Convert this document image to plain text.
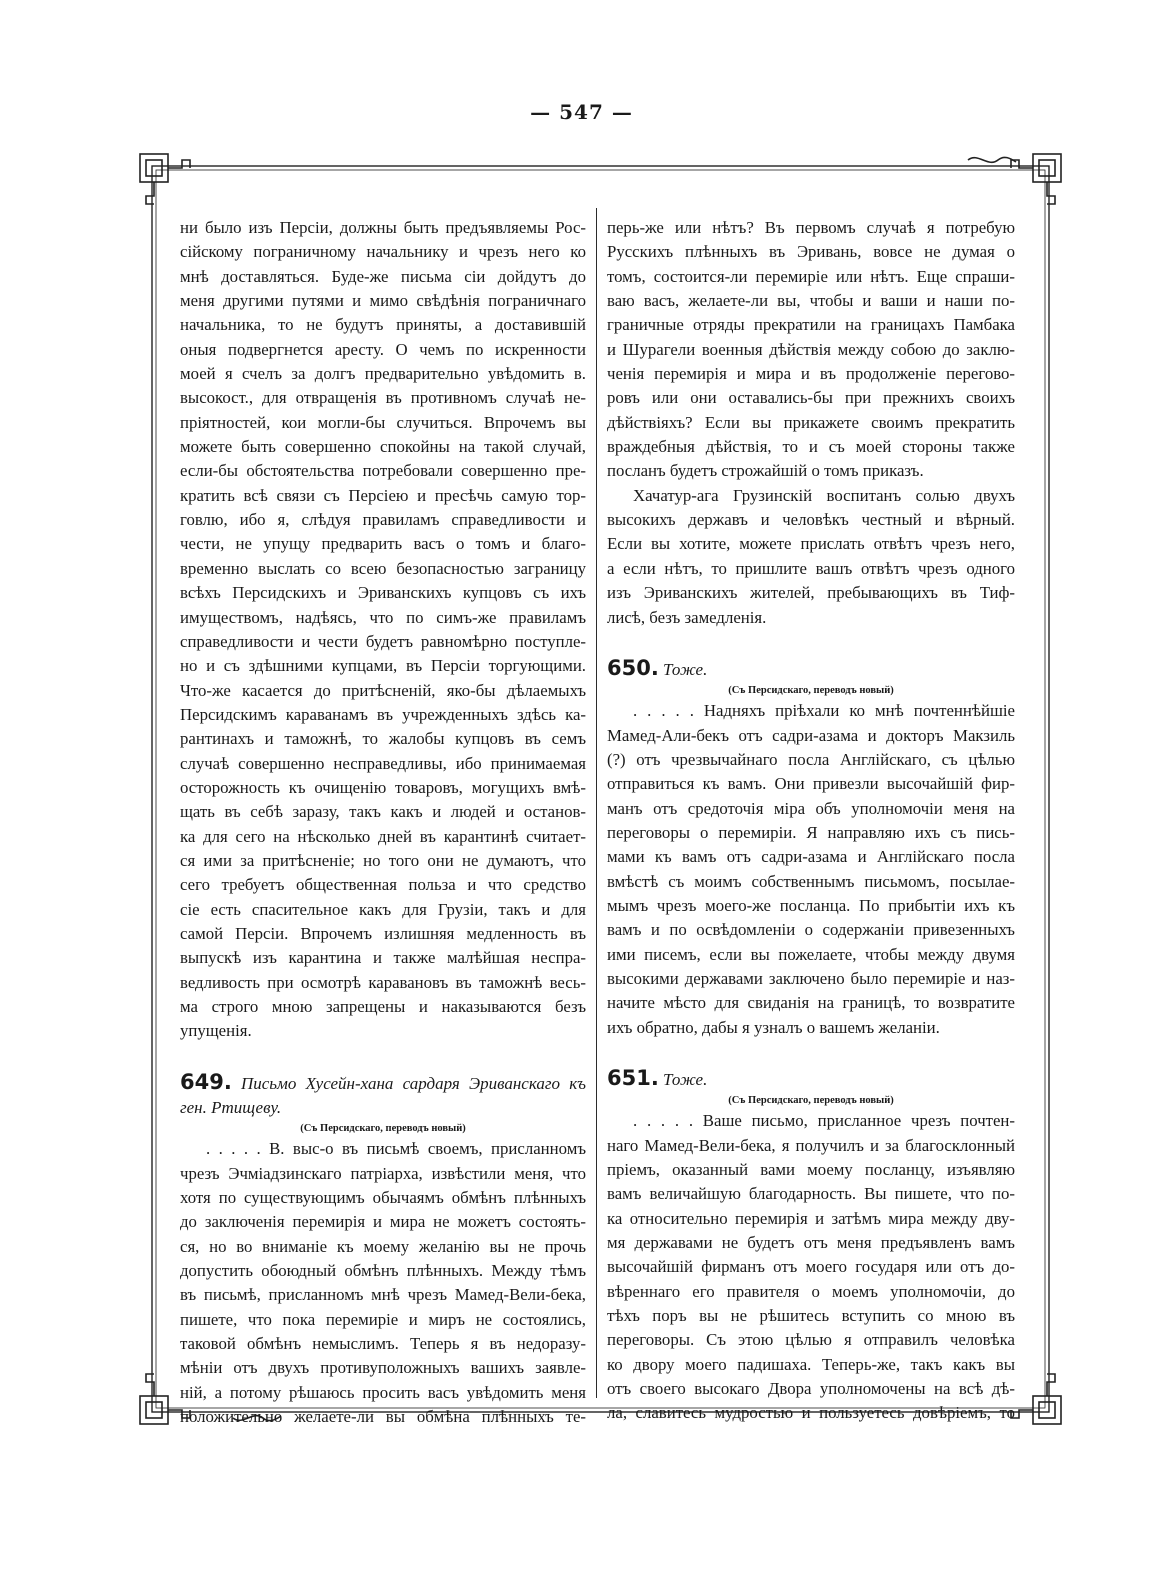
— 547 —

ни было изъ Персіи, должны быть предъявляемы Рос-
сійскому пограничному начальнику и чрезъ него ко
мнѣ доставляться. Буде-же письма сіи дойдутъ до
меня другими путями и мимо свѣдѣнія пограничнаго
начальника, то не будутъ приняты, а доставившій
оныя подвергнется аресту. О чемъ по искренности
моей я счелъ за долгъ предварительно увѣдомить в.
высокост., для отвращенія въ противномъ случаѣ не-
пріятностей, кои могли-бы случиться. Впрочемъ вы
можете быть совершенно спокойны на такой случай,
если-бы обстоятельства потребовали совершенно пре-
кратить всѣ связи съ Персіею и пресѣчь самую тор-
говлю, ибо я, слѣдуя правиламъ справедливости и
чести, не упущу предварить васъ о томъ и благо-
временно выслать со всею безопасностью заграницу
всѣхъ Персидскихъ и Эриванскихъ купцовъ съ ихъ
имуществомъ, надѣясь, что по симъ-же правиламъ
справедливости и чести будетъ равномѣрно поступле-
но и съ здѣшними купцами, въ Персіи торгующими.
Что-же касается до притѣсненій, яко-бы дѣлаемыхъ
Персидскимъ караванамъ въ учрежденныхъ здѣсь ка-
рантинахъ и таможнѣ, то жалобы купцовъ въ семъ
случаѣ совершенно несправедливы, ибо принимаемая
осторожность къ очищенію товаровъ, могущихъ вмѣ-
щать въ себѣ заразу, такъ какъ и людей и останов-
ка для сего на нѣсколько дней въ карантинѣ считает-
ся ими за притѣсненіе; но того они не думаютъ, что
сего требуетъ общественная польза и что средство
сіе есть спасительное какъ для Грузіи, такъ и для
самой Персіи. Впрочемъ излишняя медленность въ
выпускѣ изъ карантина и также малѣйшая неспра-
ведливость при осмотрѣ каравановъ въ таможнѣ весь-
ма строго мною запрещены и наказываются безъ
упущенія.

649. Письмо Хусейн-хана сардаря Эриванскаго къ ген. Ртищеву.

(Съ Персидскаго, переводъ новый)

. . . . . В. выс-о въ письмѣ своемъ, присланномъ
чрезъ Эчміадзинскаго патріарха, извѣстили меня, что
хотя по существующимъ обычаямъ обмѣнъ плѣнныхъ
до заключенія перемирія и мира не можетъ состоять-
ся, но во вниманіе къ моему желанію вы не прочь
допустить обоюдный обмѣнъ плѣнныхъ. Между тѣмъ
въ письмѣ, присланномъ мнѣ чрезъ Мамед-Вели-бека,
пишете, что пока перемиріе и миръ не состоялись,
таковой обмѣнъ немыслимъ. Теперь я въ недоразу-
мѣніи отъ двухъ противуположныхъ вашихъ заявле-
ній, а потому рѣшаюсь просить васъ увѣдомить меня
положительно желаете-ли вы обмѣна плѣнныхъ те-

перь-же или нѣтъ? Въ первомъ случаѣ я потребую
Русскихъ плѣнныхъ въ Эривань, вовсе не думая о
томъ, состоится-ли перемиріе или нѣтъ. Еще спраши-
ваю васъ, желаете-ли вы, чтобы и ваши и наши по-
граничные отряды прекратили на границахъ Памбака
и Шурагели военныя дѣйствія между собою до заклю-
ченія перемирія и мира и въ продолженіе перегово-
ровъ или они оставались-бы при прежнихъ своихъ
дѣйствіяхъ? Если вы прикажете своимъ прекратить
враждебныя дѣйствія, то и съ моей стороны также
посланъ будетъ строжайшій о томъ приказъ.

Хачатур-ага Грузинскій воспитанъ солью двухъ
высокихъ державъ и человѣкъ честный и вѣрный.
Если вы хотите, можете прислать отвѣтъ чрезъ него,
а если нѣтъ, то пришлите вашъ отвѣтъ чрезъ одного
изъ Эриванскихъ жителей, пребывающихъ въ Тиф-
лисѣ, безъ замедленія.

650. Тоже.

(Съ Персидскаго, переводъ новый)

. . . . . Надняхъ пріѣхали ко мнѣ почтеннѣйшіе
Мамед-Али-бекъ отъ садри-азама и докторъ Макзиль
(?) отъ чрезвычайнаго посла Англійскаго, съ цѣлью
отправиться къ вамъ. Они привезли высочайшій фир-
манъ отъ средоточія міра объ уполномочіи меня на
переговоры о перемиріи. Я направляю ихъ съ пись-
мами къ вамъ отъ садри-азама и Англійскаго посла
вмѣстѣ съ моимъ собственнымъ письмомъ, посылае-
мымъ чрезъ моего-же посланца. По прибытіи ихъ къ
вамъ и по освѣдомленіи о содержаніи привезенныхъ
ими писемъ, если вы пожелаете, чтобы между двумя
высокими державами заключено было перемиріе и наз-
начите мѣсто для свиданія на границѣ, то возвратите
ихъ обратно, дабы я узналъ о вашемъ желаніи.

651. Тоже.

(Съ Персидскаго, переводъ новый)

. . . . . Ваше письмо, присланное чрезъ почтен-
наго Мамед-Вели-бека, я получилъ и за благосклонный
пріемъ, оказанный вами моему посланцу, изъявляю
вамъ величайшую благодарность. Вы пишете, что по-
ка относительно перемирія и затѣмъ мира между дву-
мя державами не будетъ отъ меня предъявленъ вамъ
высочайшій фирманъ отъ моего государя или отъ до-
вѣреннаго его правителя о моемъ уполномочіи, до
тѣхъ поръ вы не рѣшитесь вступить со мною въ
переговоры. Съ этою цѣлью я отправилъ человѣка
ко двору моего падишаха. Теперь-же, такъ какъ вы
отъ своего высокаго Двора уполномочены на всѣ дѣ-
ла, славитесь мудростью и пользуетесь довѣріемъ, то
